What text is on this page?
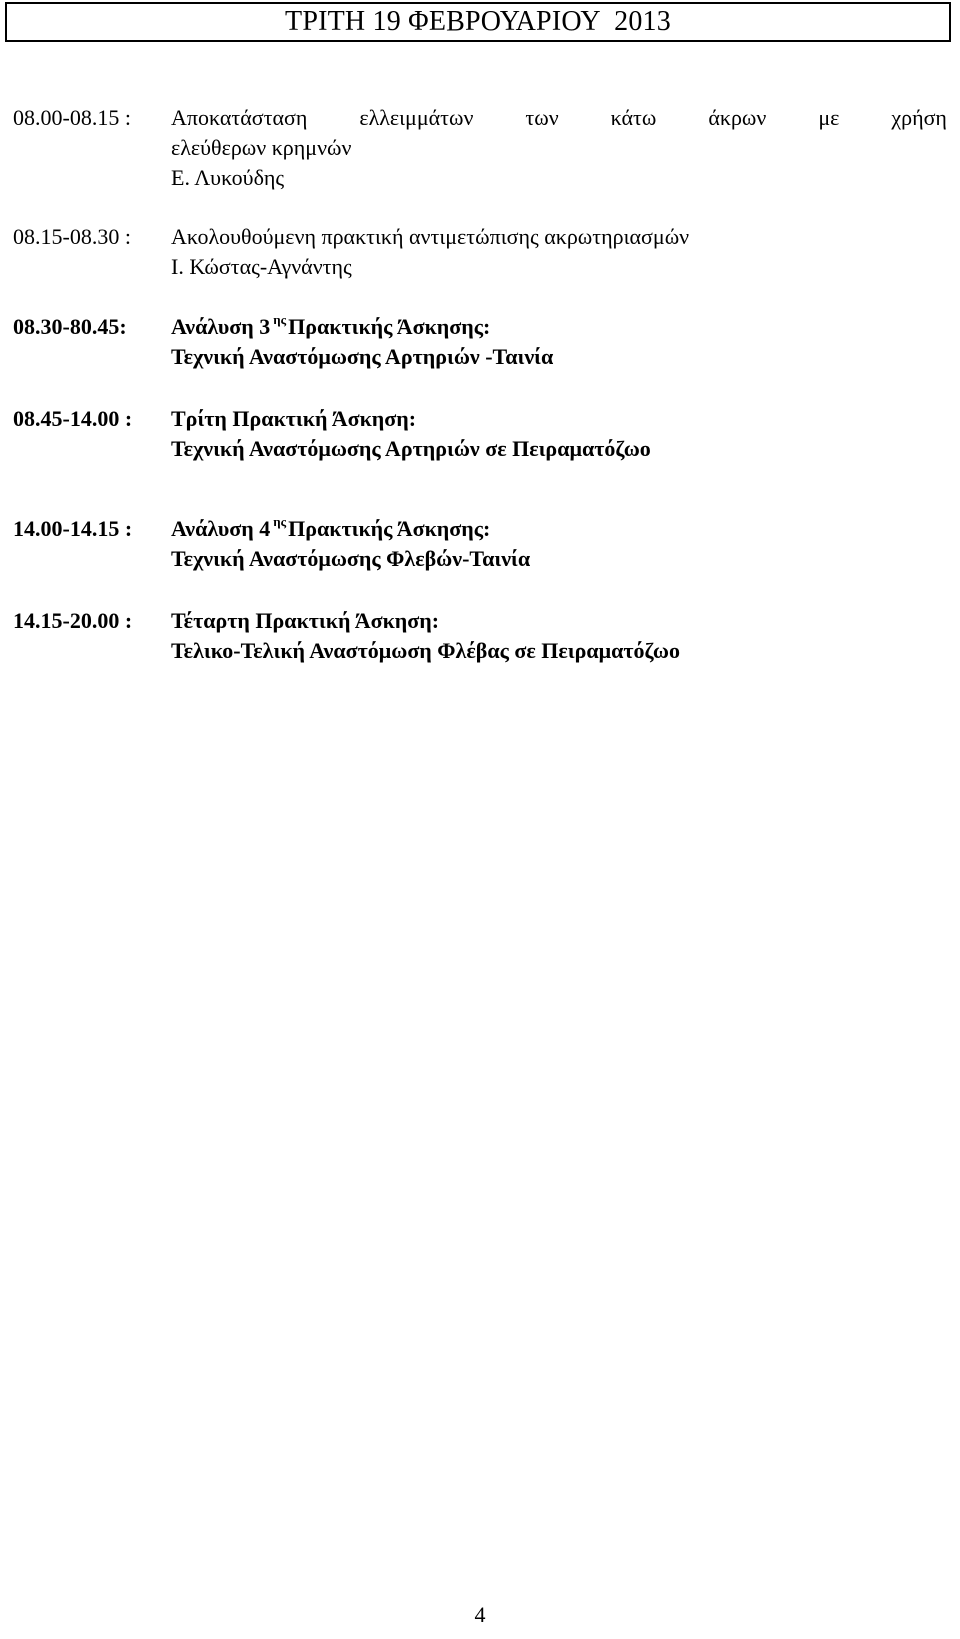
ΤΡΙΤΗ 19 ΦΕΒΡΟΥΑΡΙΟΥ  2013
08.00-08.15 :	Αποκατάσταση ελλειμμάτων των κάτω άκρων με χρήση
ελεύθερων κρημνών
Ε. Λυκούδης
08.15-08.30 :	Ακολουθούμενη πρακτική αντιμετώπισης ακρωτηριασμών
Ι. Κώστας-Αγνάντης
08.30-80.45:	Ανάλυση 3 $^{\eta\varsigma}$Πρακτικής Άσκησης:
Τεχνική Αναστόμωσης Αρτηριών -Ταινία
08.45-14.00 :	Τρίτη Πρακτική Άσκηση:
Τεχνική Αναστόμωσης Αρτηριών σε Πειραματόζωο
14.00-14.15 :	Ανάλυση 4 $^{\eta\varsigma}$Πρακτικής Άσκησης:
Τεχνική Αναστόμωσης Φλεβών-Ταινία
14.15-20.00 :	Τέταρτη Πρακτική Άσκηση:
Τελικο-Τελική Αναστόμωση Φλέβας σε Πειραματόζωο
4
